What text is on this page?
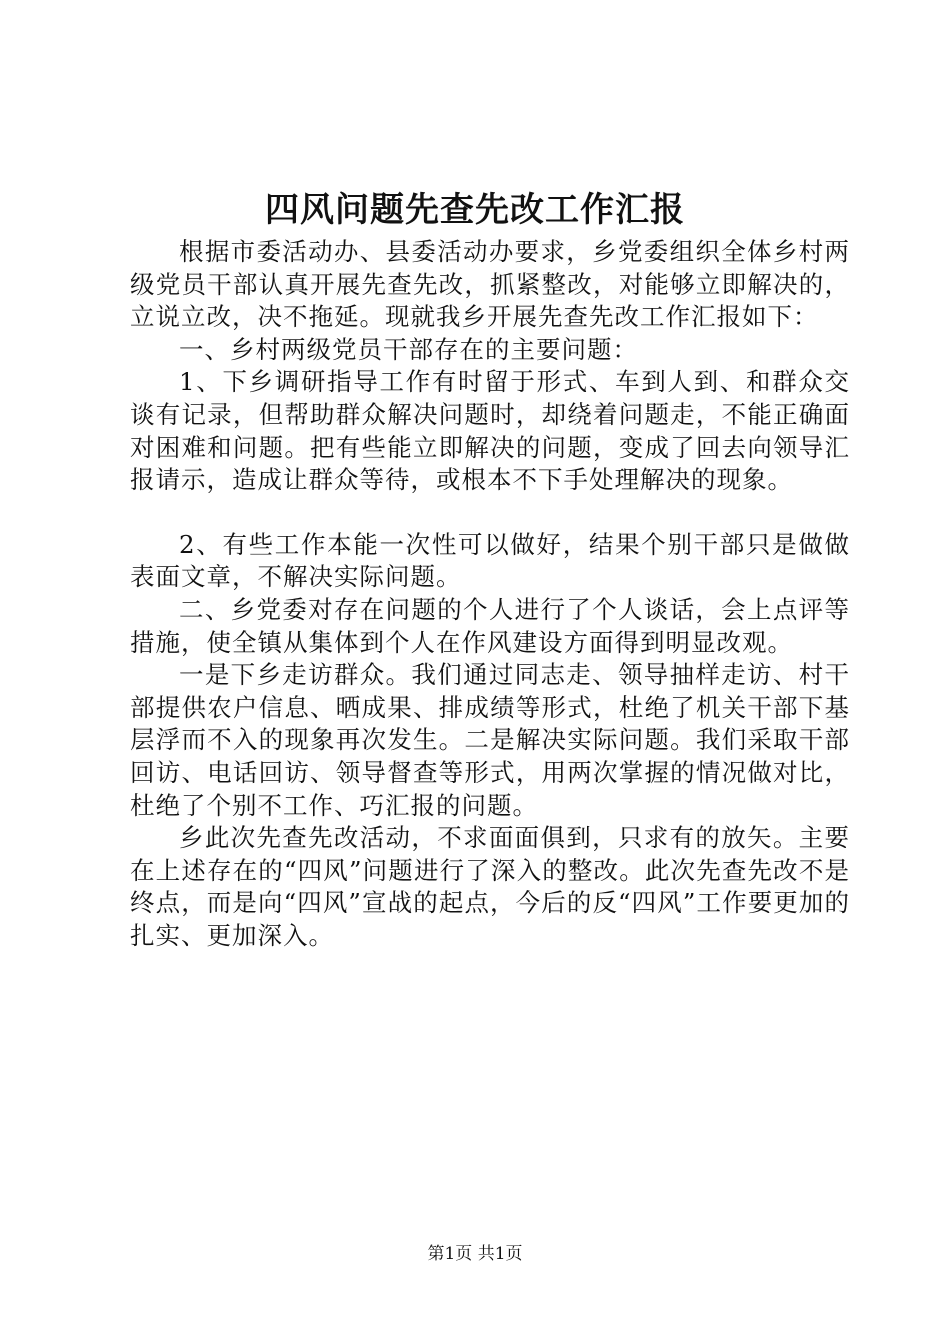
四风问题先查先改工作汇报

根据市委活动办、县委活动办要求，乡党委组织全体乡村两级党员干部认真开展先查先改，抓紧整改，对能够立即解决的，立说立改，决不拖延。现就我乡开展先查先改工作汇报如下：

一、乡村两级党员干部存在的主要问题：

1、下乡调研指导工作有时留于形式、车到人到、和群众交谈有记录，但帮助群众解决问题时，却绕着问题走，不能正确面对困难和问题。把有些能立即解决的问题，变成了回去向领导汇报请示，造成让群众等待，或根本不下手处理解决的现象。

2、有些工作本能一次性可以做好，结果个别干部只是做做表面文章，不解决实际问题。

二、乡党委对存在问题的个人进行了个人谈话，会上点评等措施，使全镇从集体到个人在作风建设方面得到明显改观。

一是下乡走访群众。我们通过同志走、领导抽样走访、村干部提供农户信息、晒成果、排成绩等形式，杜绝了机关干部下基层浮而不入的现象再次发生。二是解决实际问题。我们采取干部回访、电话回访、领导督查等形式，用两次掌握的情况做对比，杜绝了个别不工作、巧汇报的问题。

乡此次先查先改活动，不求面面俱到，只求有的放矢。主要在上述存在的“四风”问题进行了深入的整改。此次先查先改不是终点，而是向“四风”宣战的起点，今后的反“四风”工作要更加的扎实、更加深入。

第1页 共1页
